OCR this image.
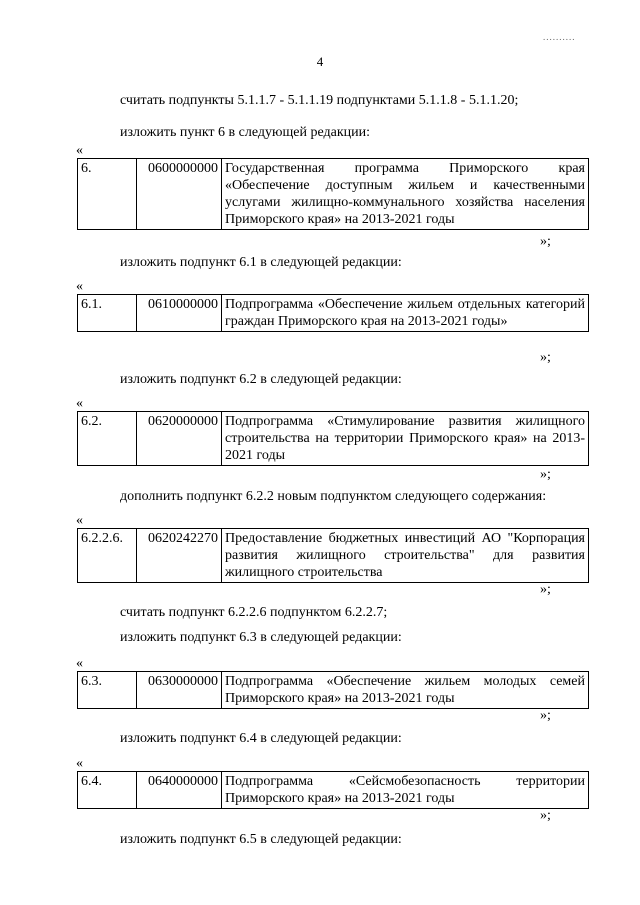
..........
4
считать подпункты 5.1.1.7 - 5.1.1.19 подпунктами 5.1.1.8 - 5.1.1.20;
изложить пункт 6 в следующей редакции:
«
6.	0600000000	Государственная программа Приморского края «Обеспечение доступным жильем и качественными услугами жилищно-коммунального хозяйства населения Приморского края» на 2013-2021 годы
»;
изложить подпункт 6.1 в следующей редакции:
«
6.1.	0610000000	Подпрограмма «Обеспечение жильем отдельных категорий граждан Приморского края на 2013-2021 годы»
»;
изложить подпункт 6.2 в следующей редакции:
«
6.2.	0620000000	Подпрограмма «Стимулирование развития жилищного строительства на территории Приморского края» на 2013-2021 годы
»;
дополнить подпункт 6.2.2 новым подпунктом следующего содержания:
«
6.2.2.6.	0620242270	Предоставление бюджетных инвестиций АО "Корпорация развития жилищного строительства" для развития жилищного строительства
»;
считать подпункт 6.2.2.6 подпунктом 6.2.2.7;
изложить подпункт 6.3 в следующей редакции:
«
6.3.	0630000000	Подпрограмма «Обеспечение жильем молодых семей Приморского края» на 2013-2021 годы
»;
изложить подпункт 6.4 в следующей редакции:
«
6.4.	0640000000	Подпрограмма «Сейсмобезопасность территории Приморского края» на 2013-2021 годы
»;
изложить подпункт 6.5 в следующей редакции:
